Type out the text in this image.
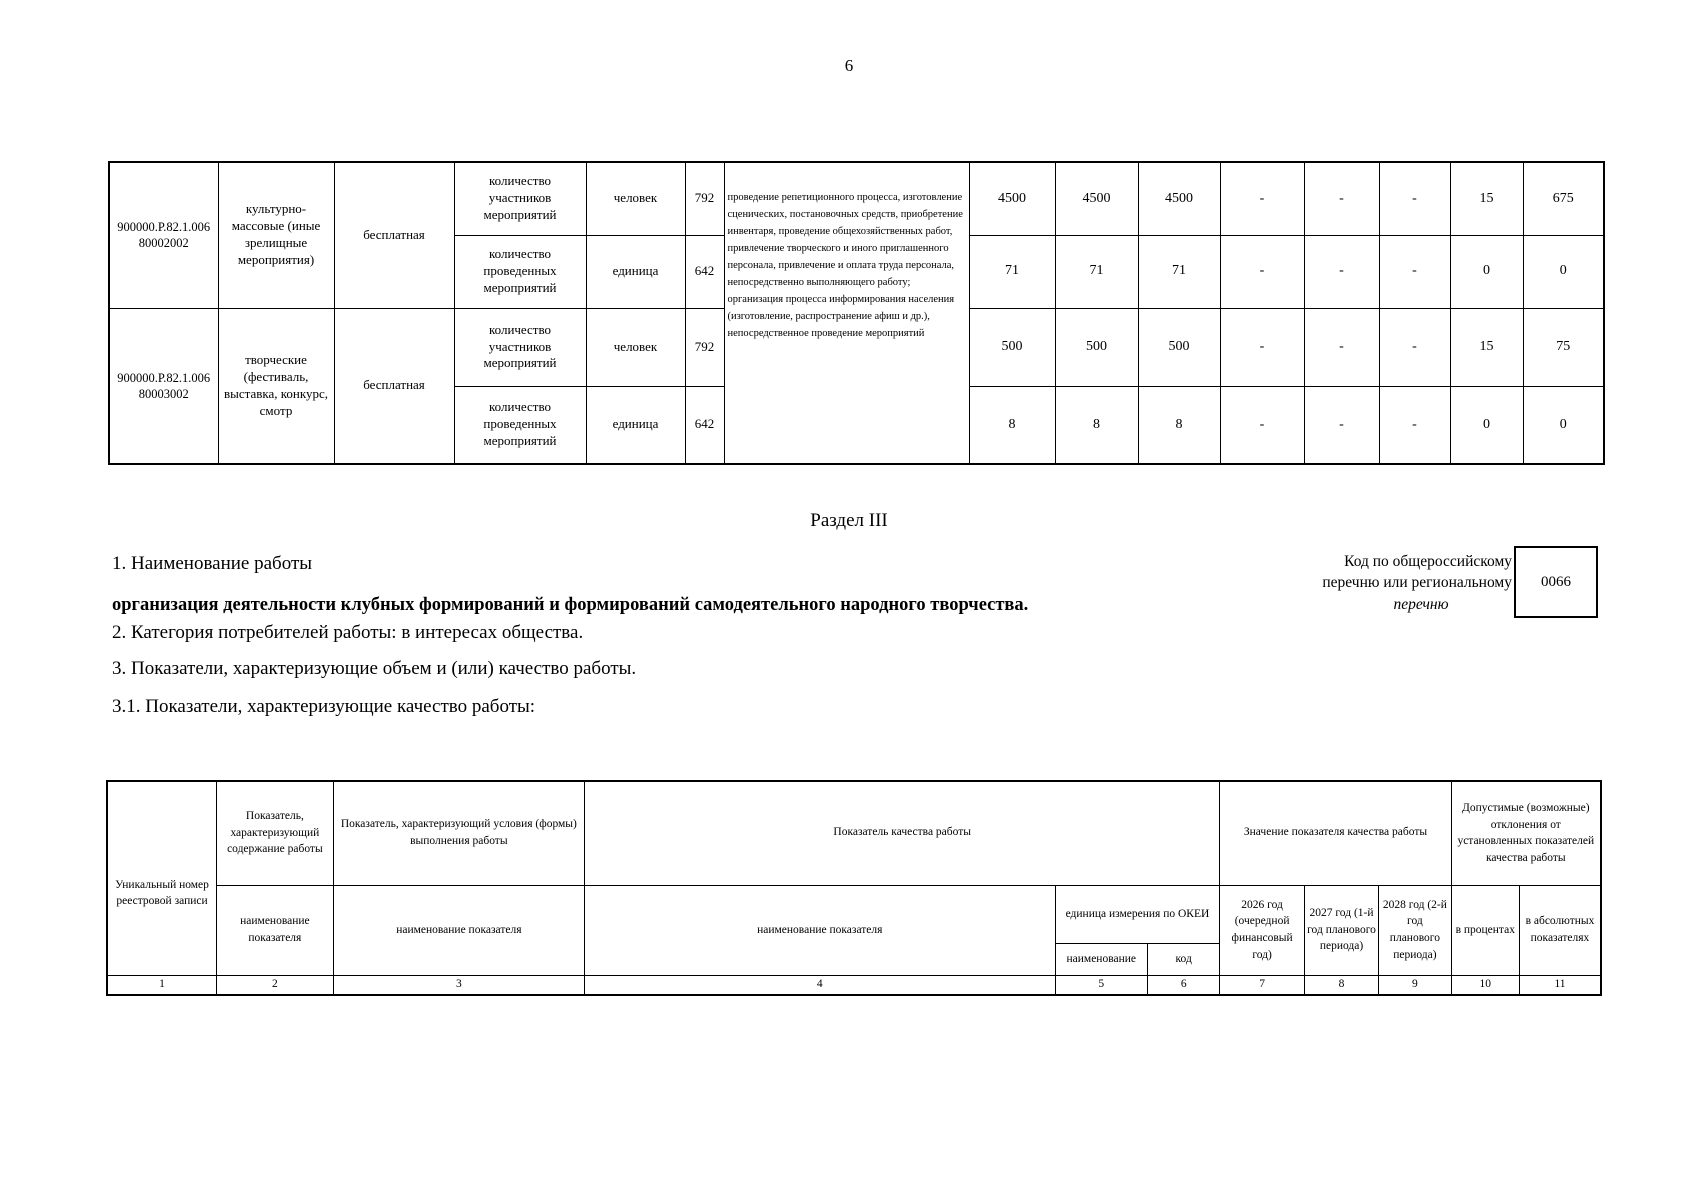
6
900000.Р.82.1.006 80002002	культурно-массовые (иные зрелищные мероприятия)	бесплатная	количество участников мероприятий	человек	792	проведение репетиционного процесса, изготовление сценических, постановочных средств, приобретение инвентаря, проведение общехозяйственных работ, привлечение творческого и иного приглашенного персонала, привлечение и оплата труда персонала, непосредственно выполняющего работу; организация процесса информирования населения (изготовление, распространение афиш и др.), непосредственное проведение мероприятий	4500	4500	4500	-	-	-	15	675
			количество проведенных мероприятий	единица	642		71	71	71	-	-	-	0	0
900000.Р.82.1.006 80003002	творческие (фестиваль, выставка, конкурс, смотр	бесплатная	количество участников мероприятий	человек	792		500	500	500	-	-	-	15	75
			количество проведенных мероприятий	единица	642		8	8	8	-	-	-	0	0
Раздел III
1. Наименование работы
организация деятельности клубных формирований и формирований самодеятельного народного творчества.
2. Категория потребителей работы: в интересах общества.
3. Показатели, характеризующие объем и (или) качество работы.
3.1. Показатели, характеризующие качество работы:
Код по общероссийскому
перечню или региональному
перечню
0066
Уникальный номер реестровой записи	Показатель, характеризующий содержание работы	Показатель, характеризующий условия (формы) выполнения работы	Показатель качества работы			Значение показателя качества работы			Допустимые (возможные) отклонения от установленных показателей качества работы	
	наименование показателя	наименование показателя	наименование показателя	единица измерения по ОКЕИ		2026 год (очередной финансовый год)	2027 год (1-й год планового периода)	2028 год (2-й год планового периода)	в процентах	в абсолютных показателях
				наименование	код					
1	2	3	4	5	6	7	8	9	10	11
